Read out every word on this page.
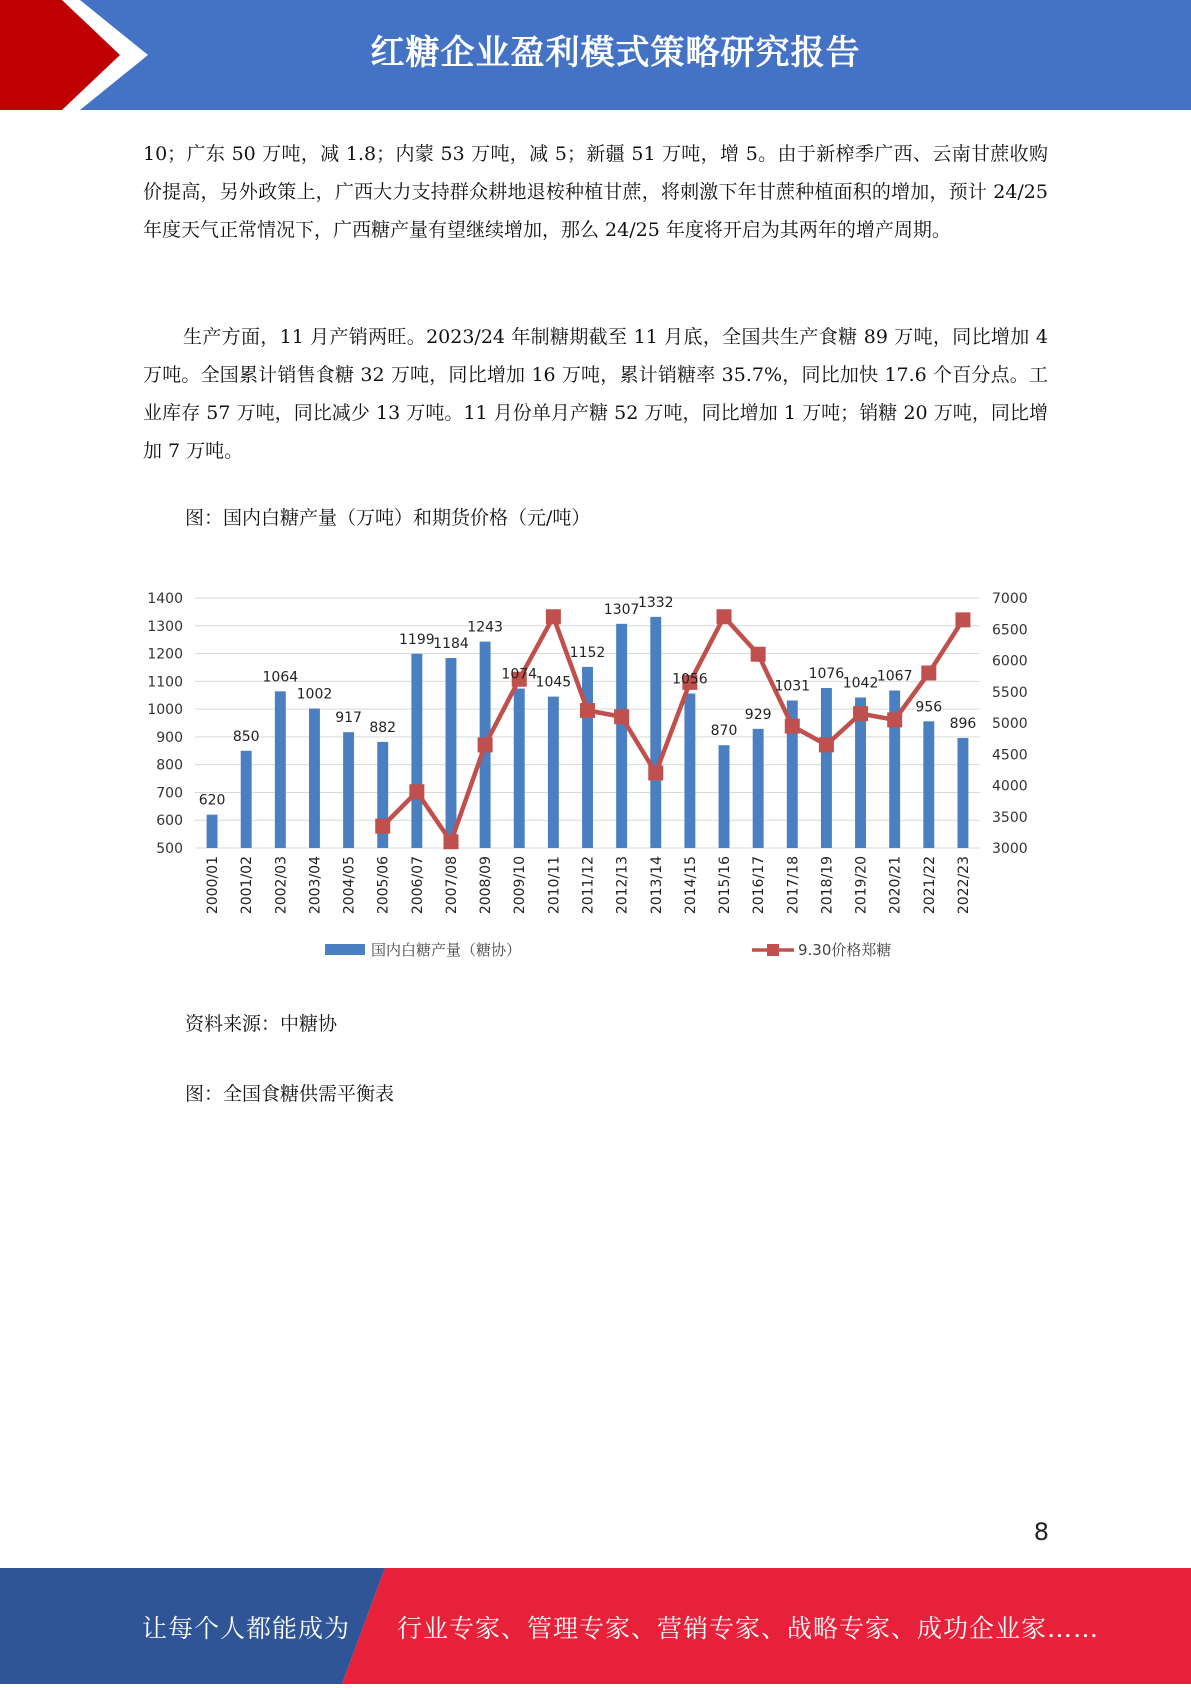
红糖企业盈利模式策略研究报告

10；广东 50 万吨，减 1.8；内蒙 53 万吨，减 5；新疆 51 万吨，增 5。由于新榨季广西、云南甘蔗收购价提高，另外政策上，广西大力支持群众耕地退桉种植甘蔗，将刺激下年甘蔗种植面积的增加，预计 24/25 年度天气正常情况下，广西糖产量有望继续增加，那么 24/25 年度将开启为其两年的增产周期。

生产方面，11 月产销两旺。2023/24 年制糖期截至 11 月底，全国共生产食糖 89 万吨，同比增加 4 万吨。全国累计销售食糖 32 万吨，同比增加 16 万吨，累计销糖率 35.7%，同比加快 17.6 个百分点。工业库存 57 万吨，同比减少 13 万吨。11 月份单月产糖 52 万吨，同比增加 1 万吨；销糖 20 万吨，同比增加 7 万吨。

图：国内白糖产量（万吨）和期货价格（元/吨）
500
600
700
800
900
1000
1100
1200
1300
1400
3000
3500
4000
4500
5000
5500
6000
6500
7000
2000/01 2001/02 2002/03 2003/04 2004/05 2005/06 2006/07 2007/08 2008/09 2009/10 2010/11 2011/12 2012/13 2013/14 2014/15 2015/16 2016/17 2017/18 2018/19 2019/20 2020/21 2021/22 2022/23
620
850
1064
1002
917
882
1199
1184
1243
1074
1045
1152
1307
1332
1056
870
929
1031
1076
1042
1067
956
896
国内白糖产量（糖协）	9.30价格郑糖
资料来源：中糖协
图：全国食糖供需平衡表
8
让每个人都能成为 行业专家、管理专家、营销专家、战略专家、成功企业家……
